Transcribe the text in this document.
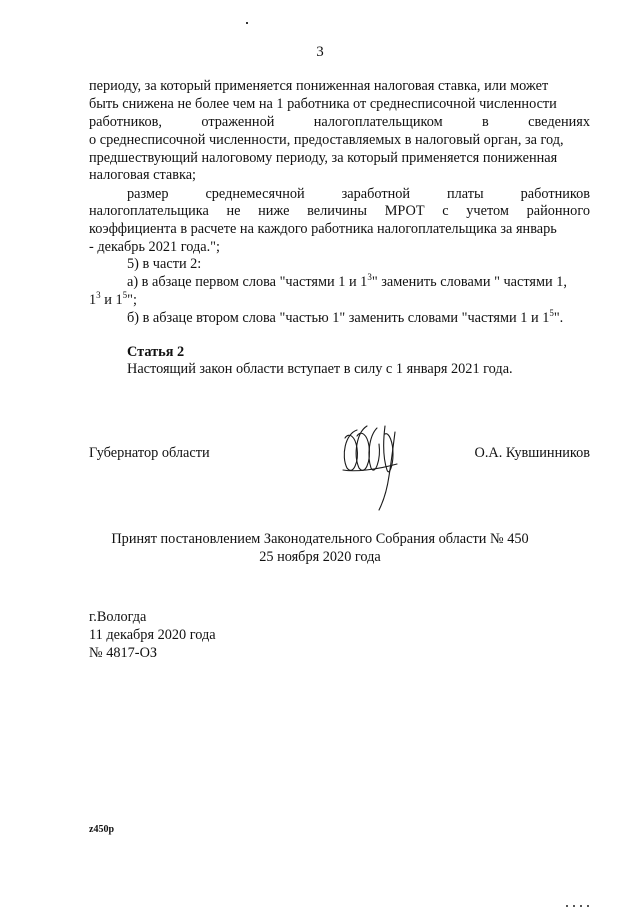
3
периоду, за который применяется пониженная налоговая ставка, или может
быть снижена не более чем на 1 работника от среднесписочной численности
работников, отраженной налогоплательщиком в сведениях
о среднесписочной численности, предоставляемых в налоговый орган, за год,
предшествующий налоговому периоду, за который применяется пониженная
налоговая ставка;
размер среднемесячной заработной платы работников
налогоплательщика не ниже величины МРОТ с учетом районного
коэффициента в расчете на каждого работника налогоплательщика за январь
- декабрь 2021 года.";
5) в части 2:
а) в абзаце первом слова "частями 1 и $1^3$" заменить словами " частями 1,
$1^3$ и $1^5$";
б) в абзаце втором слова "частью 1" заменить словами "частями 1 и $1^5$".
Статья 2
Настоящий закон области вступает в силу с 1 января 2021 года.
Губернатор области	О.А. Кувшинников
Принят постановлением Законодательного Собрания области № 450
25 ноября 2020 года
г.Вологда
11 декабря 2020 года
№ 4817-ОЗ
z450p
